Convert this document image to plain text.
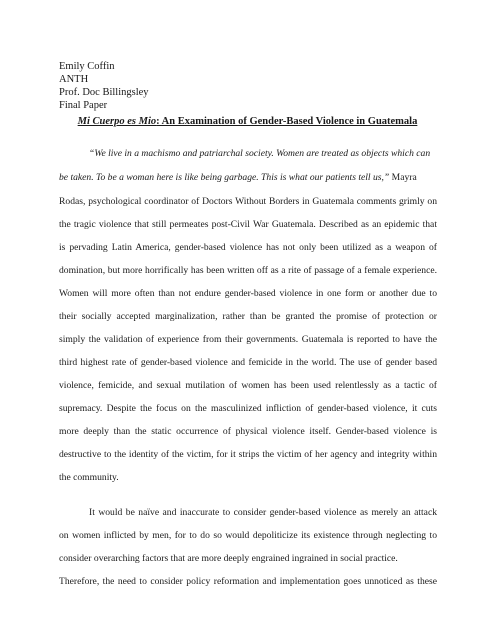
Emily Coffin
ANTH
Prof. Doc Billingsley
Final Paper
Mi Cuerpo es Mio: An Examination of Gender-Based Violence in Guatemala
“We live in a machismo and patriarchal society. Women are treated as objects which can
be taken. To be a woman here is like being garbage. This is what our patients tell us,” Mayra
Rodas, psychological coordinator of Doctors Without Borders in Guatemala comments grimly on
the tragic violence that still permeates post-Civil War Guatemala. Described as an epidemic that
is pervading Latin America, gender-based violence has not only been utilized as a weapon of
domination, but more horrifically has been written off as a rite of passage of a female experience.
Women will more often than not endure gender-based violence in one form or another due to
their socially accepted marginalization, rather than be granted the promise of protection or
simply the validation of experience from their governments. Guatemala is reported to have the
third highest rate of gender-based violence and femicide in the world. The use of gender based
violence, femicide, and sexual mutilation of women has been used relentlessly as a tactic of
supremacy. Despite the focus on the masculinized infliction of gender-based violence, it cuts
more deeply than the static occurrence of physical violence itself. Gender-based violence is
destructive to the identity of the victim, for it strips the victim of her agency and integrity within
the community.
It would be naïve and inaccurate to consider gender-based violence as merely an attack
on women inflicted by men, for to do so would depoliticize its existence through neglecting to
consider overarching factors that are more deeply engrained ingrained in social practice.
Therefore, the need to consider policy reformation and implementation goes unnoticed as these
